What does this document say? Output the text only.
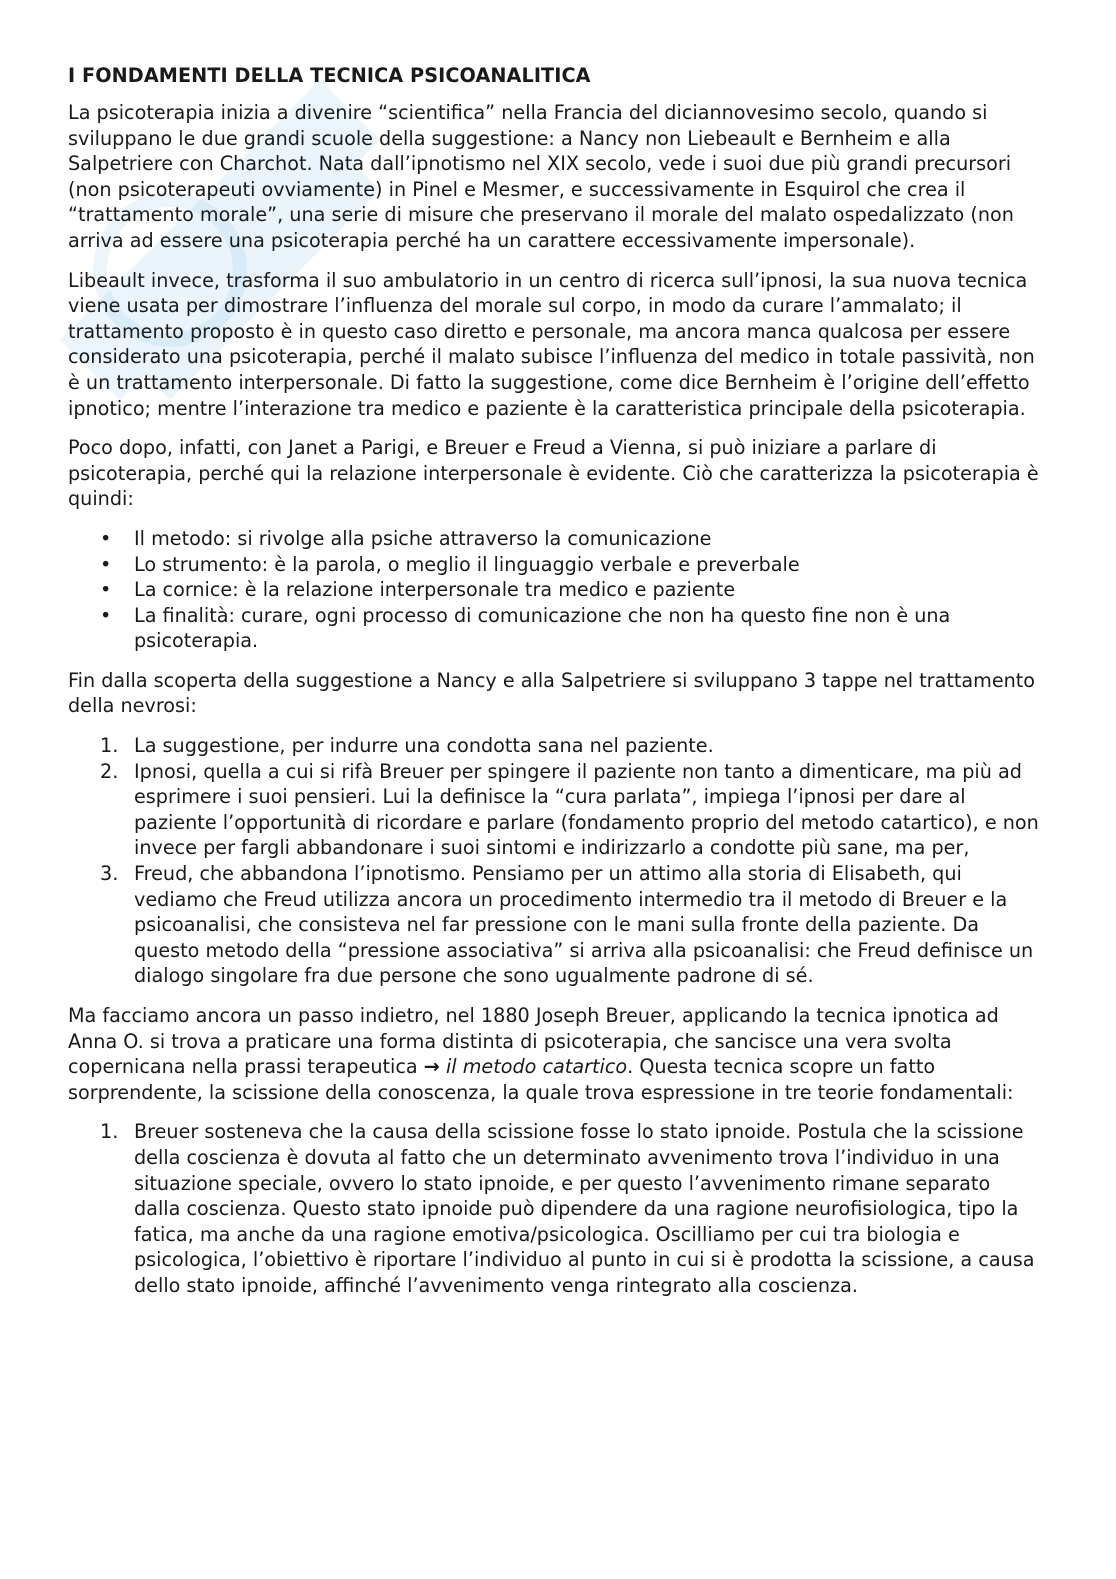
I FONDAMENTI DELLA TECNICA PSICOANALITICA

La psicoterapia inizia a divenire “scientifica” nella Francia del diciannovesimo secolo, quando si sviluppano le due grandi scuole della suggestione: a Nancy non Liebeault e Bernheim e alla Salpetriere con Charchot. Nata dall’ipnotismo nel XIX secolo, vede i suoi due più grandi precursori (non psicoterapeuti ovviamente) in Pinel e Mesmer, e successivamente in Esquirol che crea il “trattamento morale”, una serie di misure che preservano il morale del malato ospedalizzato (non arriva ad essere una psicoterapia perché ha un carattere eccessivamente impersonale).

Libeault invece, trasforma il suo ambulatorio in un centro di ricerca sull’ipnosi, la sua nuova tecnica viene usata per dimostrare l’influenza del morale sul corpo, in modo da curare l’ammalato; il trattamento proposto è in questo caso diretto e personale, ma ancora manca qualcosa per essere considerato una psicoterapia, perché il malato subisce l’influenza del medico in totale passività, non è un trattamento interpersonale. Di fatto la suggestione, come dice Bernheim è l’origine dell’effetto ipnotico; mentre l’interazione tra medico e paziente è la caratteristica principale della psicoterapia.

Poco dopo, infatti, con Janet a Parigi, e Breuer e Freud a Vienna, si può iniziare a parlare di psicoterapia, perché qui la relazione interpersonale è evidente. Ciò che caratterizza la psicoterapia è quindi:

• Il metodo: si rivolge alla psiche attraverso la comunicazione
• Lo strumento: è la parola, o meglio il linguaggio verbale e preverbale
• La cornice: è la relazione interpersonale tra medico e paziente
• La finalità: curare, ogni processo di comunicazione che non ha questo fine non è una psicoterapia.

Fin dalla scoperta della suggestione a Nancy e alla Salpetriere si sviluppano 3 tappe nel trattamento della nevrosi:

La suggestione, per indurre una condotta sana nel paziente.
Ipnosi, quella a cui si rifà Breuer per spingere il paziente non tanto a dimenticare, ma più ad esprimere i suoi pensieri. Lui la definisce la “cura parlata”, impiega l’ipnosi per dare al paziente l’opportunità di ricordare e parlare (fondamento proprio del metodo catartico), e non invece per fargli abbandonare i suoi sintomi e indirizzarlo a condotte più sane, ma per,
Freud, che abbandona l’ipnotismo. Pensiamo per un attimo alla storia di Elisabeth, qui vediamo che Freud utilizza ancora un procedimento intermedio tra il metodo di Breuer e la psicoanalisi, che consisteva nel far pressione con le mani sulla fronte della paziente. Da questo metodo della “pressione associativa” si arriva alla psicoanalisi: che Freud definisce un dialogo singolare fra due persone che sono ugualmente padrone di sé.

Ma facciamo ancora un passo indietro, nel 1880 Joseph Breuer, applicando la tecnica ipnotica ad Anna O. si trova a praticare una forma distinta di psicoterapia, che sancisce una vera svolta copernicana nella prassi terapeutica → il metodo catartico. Questa tecnica scopre un fatto sorprendente, la scissione della conoscenza, la quale trova espressione in tre teorie fondamentali:

Breuer sosteneva che la causa della scissione fosse lo stato ipnoide. Postula che la scissione della coscienza è dovuta al fatto che un determinato avvenimento trova l’individuo in una situazione speciale, ovvero lo stato ipnoide, e per questo l’avvenimento rimane separato dalla coscienza. Questo stato ipnoide può dipendere da una ragione neurofisiologica, tipo la fatica, ma anche da una ragione emotiva/psicologica. Oscilliamo per cui tra biologia e psicologica, l’obiettivo è riportare l’individuo al punto in cui si è prodotta la scissione, a causa dello stato ipnoide, affinché l’avvenimento venga rintegrato alla coscienza.
